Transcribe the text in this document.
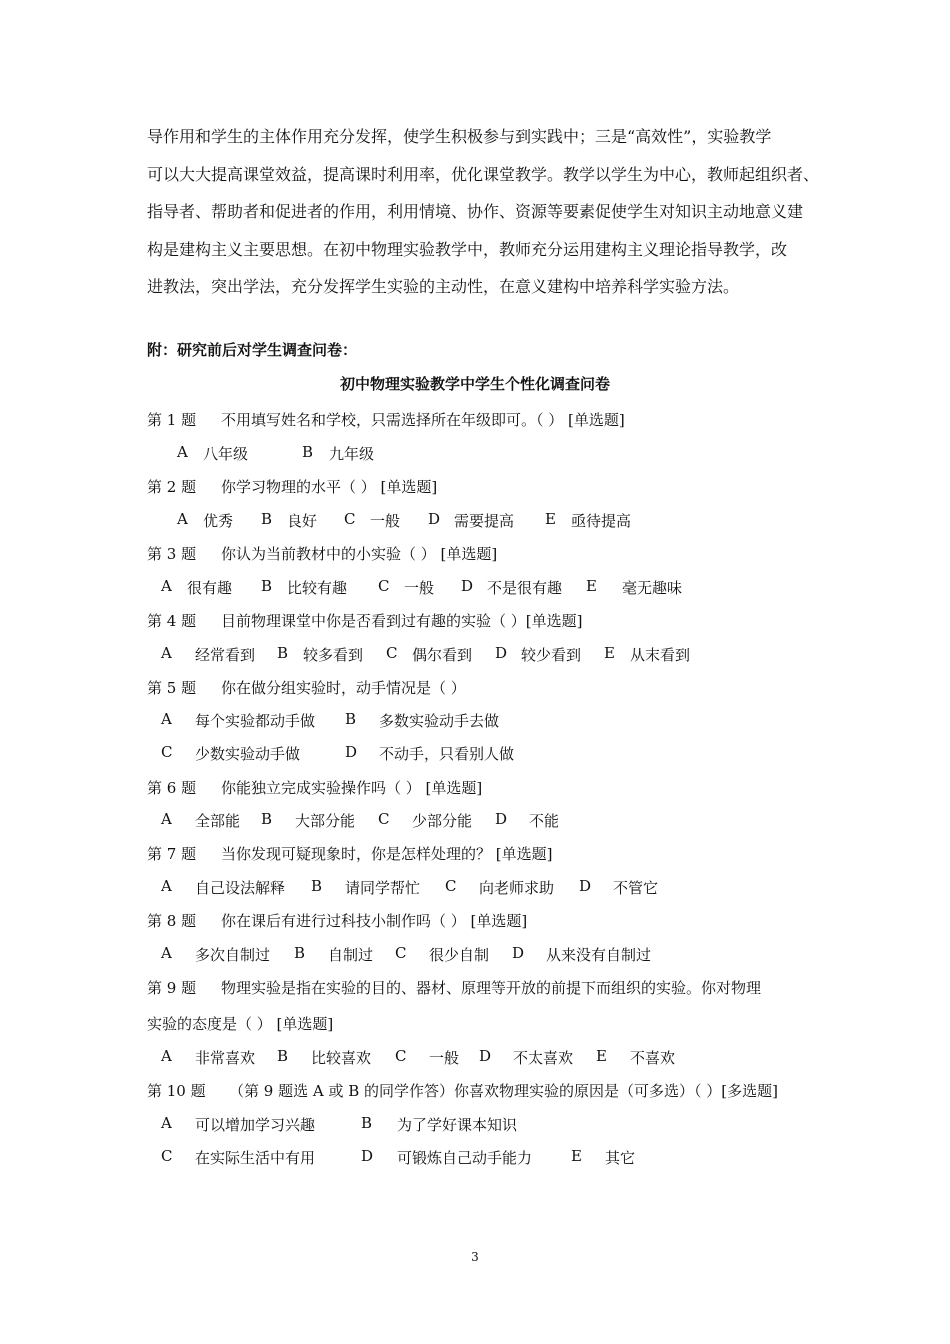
导作用和学生的主体作用充分发挥，使学生积极参与到实践中；三是“高效性”，实验教学
可以大大提高课堂效益，提高课时利用率，优化课堂教学。教学以学生为中心，教师起组织者、
指导者、帮助者和促进者的作用，利用情境、协作、资源等要素促使学生对知识主动地意义建
构是建构主义主要思想。在初中物理实验教学中，教师充分运用建构主义理论指导教学，改
进教法，突出学法，充分发挥学生实验的主动性，在意义建构中培养科学实验方法。
附：研究前后对学生调查问卷：
初中物理实验教学中学生个性化调查问卷
第 1 题 不用填写姓名和学校，只需选择所在年级即可。（ ） [单选题]
A 八年级	B 九年级
第 2 题 你学习物理的水平（ ） [单选题]
A 优秀 B 良好 C 一般 D 需要提高 E 亟待提高
第 3 题 你认为当前教材中的小实验（ ） [单选题]
A 很有趣 B 比较有趣 C 一般 D 不是很有趣 E 毫无趣味
第 4 题 目前物理课堂中你是否看到过有趣的实验（ ）[单选题]
A 经常看到 B 较多看到 C 偶尔看到 D 较少看到 E 从末看到
第 5 题 你在做分组实验时，动手情况是（ ）
A 每个实验都动手做 B 多数实验动手去做
C 少数实验动手做	D 不动手，只看别人做
第 6 题 你能独立完成实验操作吗（ ） [单选题]
A 全部能 B 大部分能 C 少部分能 D 不能
第 7 题 当你发现可疑现象时，你是怎样处理的？ [单选题]
A 自己设法解释 B 请同学帮忙 C 向老师求助 D 不管它
第 8 题 你在课后有进行过科技小制作吗（ ） [单选题]
A 多次自制过 B 自制过 C 很少自制 D 从来没有自制过
第 9 题 物理实验是指在实验的目的、器材、原理等开放的前提下而组织的实验。你对物理
实验的态度是（ ） [单选题]
A 非常喜欢 B 比较喜欢 C 一般 D 不太喜欢 E 不喜欢
第 10 题 （第 9 题选 A 或 B 的同学作答）你喜欢物理实验的原因是（可多选）（ ）[多选题]
A 可以增加学习兴趣	B 为了学好课本知识
C 在实际生活中有用	D 可锻炼自己动手能力	E 其它
3
